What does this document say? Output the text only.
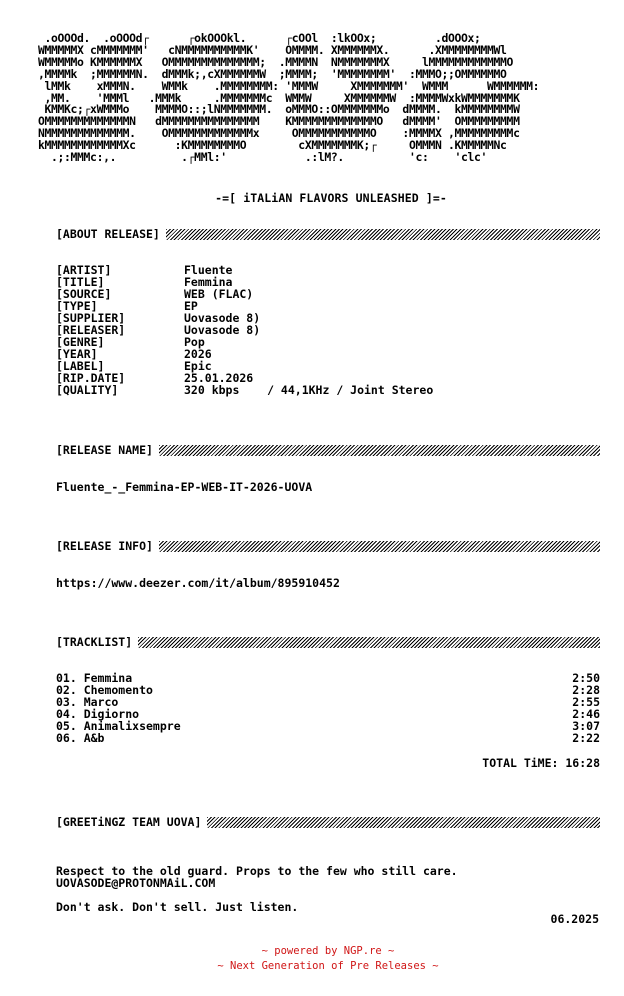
.oOOOd.  .oOOOd┌      ┌okOOOkl.      ┌cOOl  :lkOOx;         .dOOOx;
WMMMMMX cMMMMMMM'   cNMMMMMMMMMMK'    OMMMM. XMMMMMMX.      .XMMMMMMMMWl
WMMMMMo KMMMMMMX   OMMMMMMMMMMMMMM;  .MMMMN  NMMMMMMMX     lMMMMMMMMMMMMO
,MMMMk  ;MMMMMMN.  dMMMk;,cXMMMMMMW  ;MMMM;  'MMMMMMMM'  :MMMO;;OMMMMMMO
lMMk    xMMMN.    WMMk    .MMMMMMMM: 'MMMW     XMMMMMMM'  WMMM      WMMMMMM:
,MM.    'MMMl   .MMMk     .MMMMMMMc  WMMW     XMMMMMMW  :MMMMWxkWMMMMMMMK
KMMKc;┌xWMMMo    MMMMO::;lNMMMMMMM.  oMMMO::OMMMMMMMo  dMMMM.  kMMMMMMMMW
OMMMMMMMMMMMMMN   dMMMMMMMMMMMMMMM    KMMMMMMMMMMMMMO   dMMMM'  OMMMMMMMMM
NMMMMMMMMMMMMM.    OMMMMMMMMMMMMMx     OMMMMMMMMMMMO    :MMMMX ,MMMMMMMMMc
kMMMMMMMMMMMMXc      :KMMMMMMMMO        cXMMMMMMMK;┌     OMMMN .KMMMMMNc
.;:MMMc:,.          .┌MMl:'            .:lM?.          'c:    'clc'
-=[ iTALiAN FLAVORS UNLEASHED ]=-
[ABOUT RELEASE]
[ARTIST]	Fluente
[TITLE]	Femmina
[SOURCE]	WEB (FLAC)
[TYPE]	EP
[SUPPLIER]	Uovasode 8)
[RELEASER]	Uovasode 8)
[GENRE]	Pop
[YEAR]	2026
[LABEL]	Epic
[RIP.DATE]	25.01.2026
[QUALITY]	320 kbps    / 44,1KHz / Joint Stereo
[RELEASE NAME]
Fluente_-_Femmina-EP-WEB-IT-2026-UOVA
[RELEASE INFO]
https://www.deezer.com/it/album/895910452
[TRACKLIST]
01. Femmina	2:50
02. Chemomento	2:28
03. Marco	2:55
04. Digiorno	2:46
05. Animalixsempre	3:07
06. A&b	2:22
TOTAL TiME: 16:28
[GREETiNGZ TEAM UOVA]

Respect to the old guard. Props to the few who still care.

Don't ask. Don't sell. Just listen.

UOVASODE@PROTONMAiL.COM
06.2025
~ powered by NGP.re ~
~ Next Generation of Pre Releases ~
